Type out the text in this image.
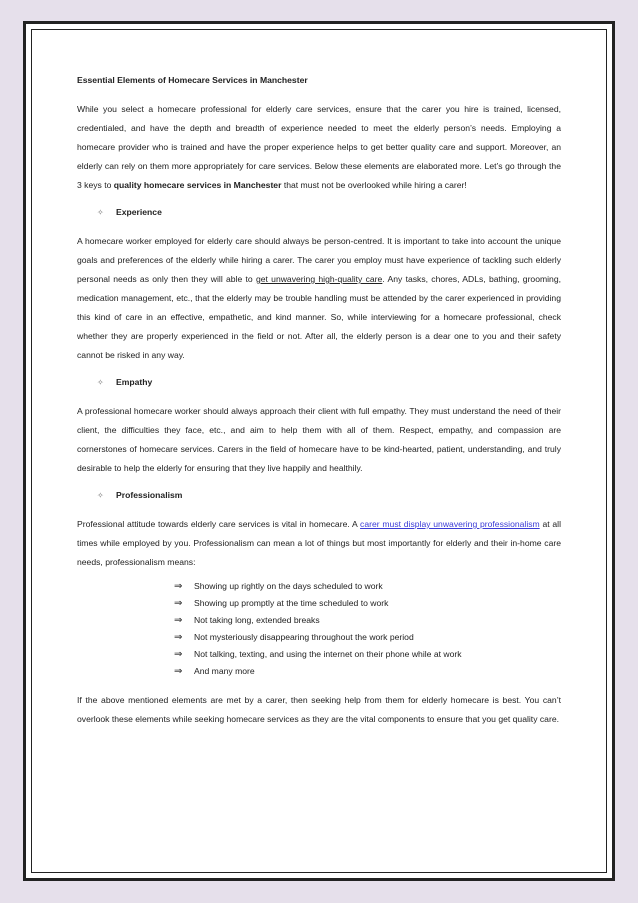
Essential Elements of Homecare Services in Manchester

While you select a homecare professional for elderly care services, ensure that the carer you hire is trained, licensed, credentialed, and have the depth and breadth of experience needed to meet the elderly person’s needs. Employing a homecare provider who is trained and have the proper experience helps to get better quality care and support. Moreover, an elderly can rely on them more appropriately for care services. Below these elements are elaborated more. Let’s go through the 3 keys to quality homecare services in Manchester that must not be overlooked while hiring a carer!

✧	Experience

A homecare worker employed for elderly care should always be person-centred. It is important to take into account the unique goals and preferences of the elderly while hiring a carer. The carer you employ must have experience of tackling such elderly personal needs as only then they will able to get unwavering high-quality care. Any tasks, chores, ADLs, bathing, grooming, medication management, etc., that the elderly may be trouble handling must be attended by the carer experienced in providing this kind of care in an effective, empathetic, and kind manner. So, while interviewing for a homecare professional, check whether they are properly experienced in the field or not. After all, the elderly person is a dear one to you and their safety cannot be risked in any way.

✧	Empathy

A professional homecare worker should always approach their client with full empathy. They must understand the need of their client, the difficulties they face, etc., and aim to help them with all of them. Respect, empathy, and compassion are cornerstones of homecare services. Carers in the field of homecare have to be kind-hearted, patient, understanding, and truly desirable to help the elderly for ensuring that they live happily and healthily.

✧	Professionalism

Professional attitude towards elderly care services is vital in homecare. A carer must display unwavering professionalism at all times while employed by you. Professionalism can mean a lot of things but most importantly for elderly and their in-home care needs, professionalism means:

⇒	Showing up rightly on the days scheduled to work
⇒	Showing up promptly at the time scheduled to work
⇒	Not taking long, extended breaks
⇒	Not mysteriously disappearing throughout the work period
⇒	Not talking, texting, and using the internet on their phone while at work
⇒	And many more

If the above mentioned elements are met by a carer, then seeking help from them for elderly homecare is best. You can’t overlook these elements while seeking homecare services as they are the vital components to ensure that you get quality care.
